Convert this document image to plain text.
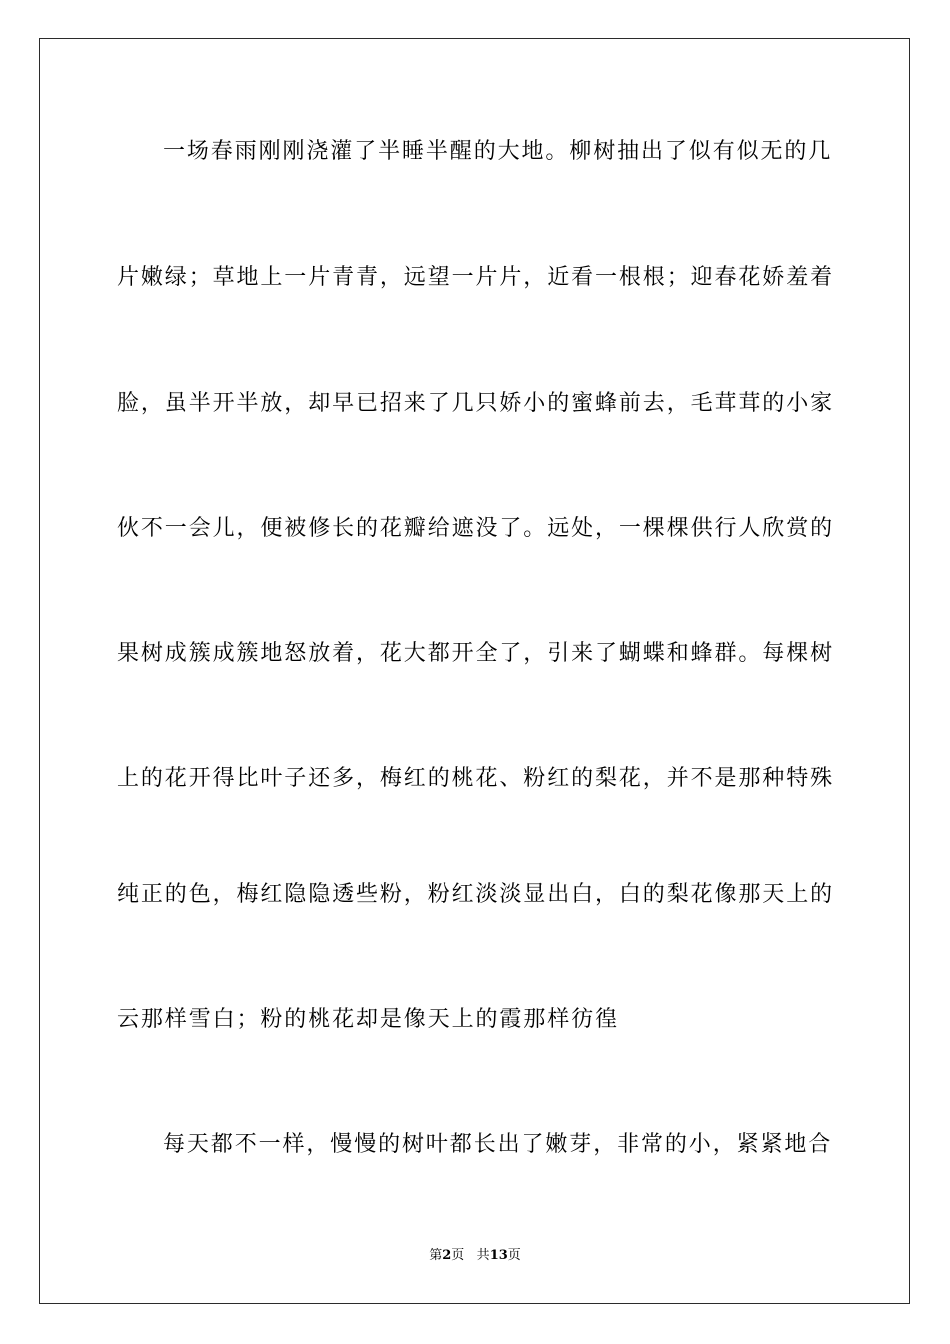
一场春雨刚刚浇灌了半睡半醒的大地。柳树抽出了似有似无的几
片嫩绿；草地上一片青青，远望一片片，近看一根根；迎春花娇羞着
脸，虽半开半放，却早已招来了几只娇小的蜜蜂前去，毛茸茸的小家
伙不一会儿，便被修长的花瓣给遮没了。远处，一棵棵供行人欣赏的
果树成簇成簇地怒放着，花大都开全了，引来了蝴蝶和蜂群。每棵树
上的花开得比叶子还多，梅红的桃花、粉红的梨花，并不是那种特殊
纯正的色，梅红隐隐透些粉，粉红淡淡显出白，白的梨花像那天上的
云那样雪白；粉的桃花却是像天上的霞那样彷徨
每天都不一样，慢慢的树叶都长出了嫩芽，非常的小，紧紧地合
第2页 共13页
